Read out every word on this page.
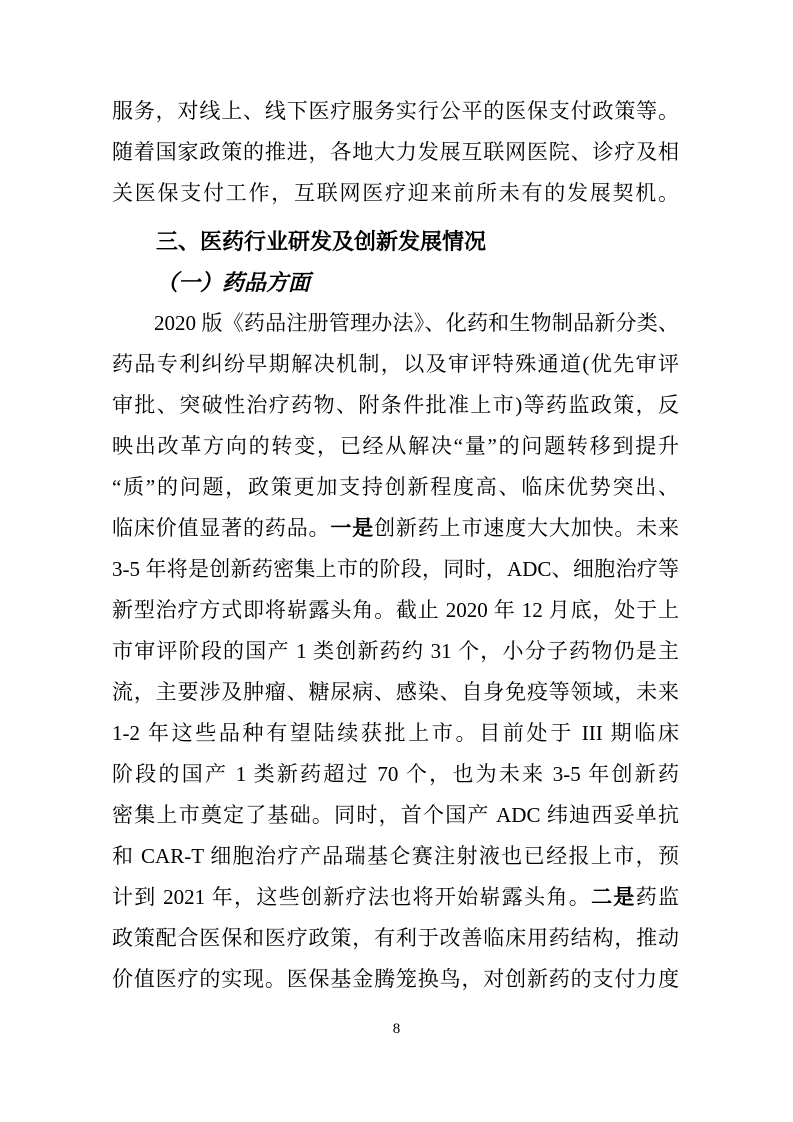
服务，对线上、线下医疗服务实行公平的医保支付政策等。
随着国家政策的推进，各地大力发展互联网医院、诊疗及相
关医保支付工作，互联网医疗迎来前所未有的发展契机。
三、医药行业研发及创新发展情况
（一）药品方面
2020 版《药品注册管理办法》、化药和生物制品新分类、
药品专利纠纷早期解决机制，以及审评特殊通道(优先审评
审批、突破性治疗药物、附条件批准上市)等药监政策，反
映出改革方向的转变，已经从解决“量”的问题转移到提升
“质”的问题，政策更加支持创新程度高、临床优势突出、
临床价值显著的药品。一是创新药上市速度大大加快。未来
3-5 年将是创新药密集上市的阶段，同时，ADC、细胞治疗等
新型治疗方式即将崭露头角。截止 2020 年 12 月底，处于上
市审评阶段的国产 1 类创新药约 31 个，小分子药物仍是主
流，主要涉及肿瘤、糖尿病、感染、自身免疫等领域，未来
1-2 年这些品种有望陆续获批上市。目前处于 III 期临床
阶段的国产 1 类新药超过 70 个，也为未来 3-5 年创新药
密集上市奠定了基础。同时，首个国产 ADC 纬迪西妥单抗
和 CAR-T 细胞治疗产品瑞基仑赛注射液也已经报上市，预
计到 2021 年，这些创新疗法也将开始崭露头角。二是药监
政策配合医保和医疗政策，有利于改善临床用药结构，推动
价值医疗的实现。医保基金腾笼换鸟，对创新药的支付力度
8
